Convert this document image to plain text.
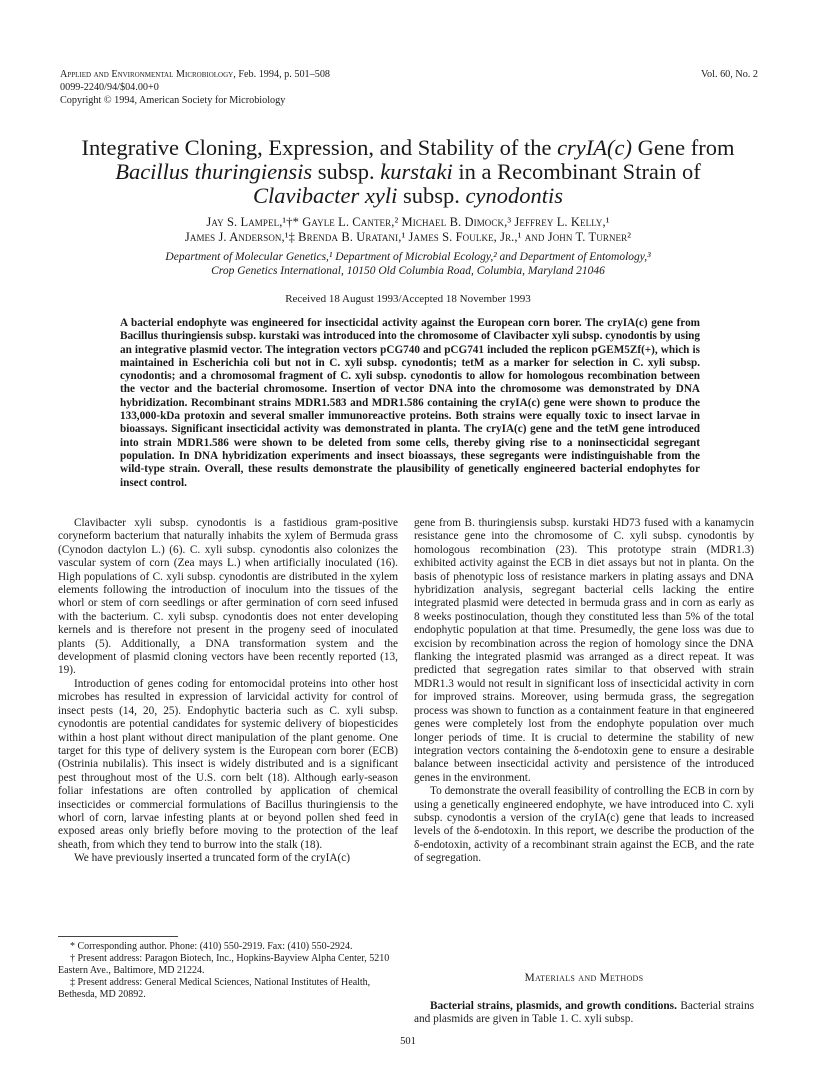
Applied and Environmental Microbiology, Feb. 1994, p. 501–508
0099-2240/94/$04.00+0
Copyright © 1994, American Society for Microbiology
Vol. 60, No. 2
Integrative Cloning, Expression, and Stability of the cryIA(c) Gene from Bacillus thuringiensis subsp. kurstaki in a Recombinant Strain of Clavibacter xyli subsp. cynodontis
Jay S. Lampel,¹†* Gayle L. Canter,² Michael B. Dimock,³ Jeffrey L. Kelly,¹
James J. Anderson,¹‡ Brenda B. Uratani,¹ James S. Foulke, Jr.,¹ and John T. Turner²
Department of Molecular Genetics,¹ Department of Microbial Ecology,² and Department of Entomology,³
Crop Genetics International, 10150 Old Columbia Road, Columbia, Maryland 21046
Received 18 August 1993/Accepted 18 November 1993
A bacterial endophyte was engineered for insecticidal activity against the European corn borer. The cryIA(c) gene from Bacillus thuringiensis subsp. kurstaki was introduced into the chromosome of Clavibacter xyli subsp. cynodontis by using an integrative plasmid vector. The integration vectors pCG740 and pCG741 included the replicon pGEM5Zf(+), which is maintained in Escherichia coli but not in C. xyli subsp. cynodontis; tetM as a marker for selection in C. xyli subsp. cynodontis; and a chromosomal fragment of C. xyli subsp. cynodontis to allow for homologous recombination between the vector and the bacterial chromosome. Insertion of vector DNA into the chromosome was demonstrated by DNA hybridization. Recombinant strains MDR1.583 and MDR1.586 containing the cryIA(c) gene were shown to produce the 133,000-kDa protoxin and several smaller immunoreactive proteins. Both strains were equally toxic to insect larvae in bioassays. Significant insecticidal activity was demonstrated in planta. The cryIA(c) gene and the tetM gene introduced into strain MDR1.586 were shown to be deleted from some cells, thereby giving rise to a noninsecticidal segregant population. In DNA hybridization experiments and insect bioassays, these segregants were indistinguishable from the wild-type strain. Overall, these results demonstrate the plausibility of genetically engineered bacterial endophytes for insect control.

Clavibacter xyli subsp. cynodontis is a fastidious gram-positive coryneform bacterium that naturally inhabits the xylem of Bermuda grass (Cynodon dactylon L.) (6). C. xyli subsp. cynodontis also colonizes the vascular system of corn (Zea mays L.) when artificially inoculated (16). High populations of C. xyli subsp. cynodontis are distributed in the xylem elements following the introduction of inoculum into the tissues of the whorl or stem of corn seedlings or after germination of corn seed infused with the bacterium. C. xyli subsp. cynodontis does not enter developing kernels and is therefore not present in the progeny seed of inoculated plants (5). Additionally, a DNA transformation system and the development of plasmid cloning vectors have been recently reported (13, 19).

Introduction of genes coding for entomocidal proteins into other host microbes has resulted in expression of larvicidal activity for control of insect pests (14, 20, 25). Endophytic bacteria such as C. xyli subsp. cynodontis are potential candidates for systemic delivery of biopesticides within a host plant without direct manipulation of the plant genome. One target for this type of delivery system is the European corn borer (ECB) (Ostrinia nubilalis). This insect is widely distributed and is a significant pest throughout most of the U.S. corn belt (18). Although early-season foliar infestations are often controlled by application of chemical insecticides or commercial formulations of Bacillus thuringiensis to the whorl of corn, larvae infesting plants at or beyond pollen shed feed in exposed areas only briefly before moving to the protection of the leaf sheath, from which they tend to burrow into the stalk (18).

We have previously inserted a truncated form of the cryIA(c)

* Corresponding author. Phone: (410) 550-2919. Fax: (410) 550-2924.

† Present address: Paragon Biotech, Inc., Hopkins-Bayview Alpha Center, 5210 Eastern Ave., Baltimore, MD 21224.

‡ Present address: General Medical Sciences, National Institutes of Health, Bethesda, MD 20892.

gene from B. thuringiensis subsp. kurstaki HD73 fused with a kanamycin resistance gene into the chromosome of C. xyli subsp. cynodontis by homologous recombination (23). This prototype strain (MDR1.3) exhibited activity against the ECB in diet assays but not in planta. On the basis of phenotypic loss of resistance markers in plating assays and DNA hybridization analysis, segregant bacterial cells lacking the entire integrated plasmid were detected in bermuda grass and in corn as early as 8 weeks postinoculation, though they constituted less than 5% of the total endophytic population at that time. Presumedly, the gene loss was due to excision by recombination across the region of homology since the DNA flanking the integrated plasmid was arranged as a direct repeat. It was predicted that segregation rates similar to that observed with strain MDR1.3 would not result in significant loss of insecticidal activity in corn for improved strains. Moreover, using bermuda grass, the segregation process was shown to function as a containment feature in that engineered genes were completely lost from the endophyte population over much longer periods of time. It is crucial to determine the stability of new integration vectors containing the δ-endotoxin gene to ensure a desirable balance between insecticidal activity and persistence of the introduced genes in the environment.

To demonstrate the overall feasibility of controlling the ECB in corn by using a genetically engineered endophyte, we have introduced into C. xyli subsp. cynodontis a version of the cryIA(c) gene that leads to increased levels of the δ-endotoxin. In this report, we describe the production of the δ-endotoxin, activity of a recombinant strain against the ECB, and the rate of segregation.

Materials and Methods
Bacterial strains, plasmids, and growth conditions. Bacterial strains and plasmids are given in Table 1. C. xyli subsp.
501
